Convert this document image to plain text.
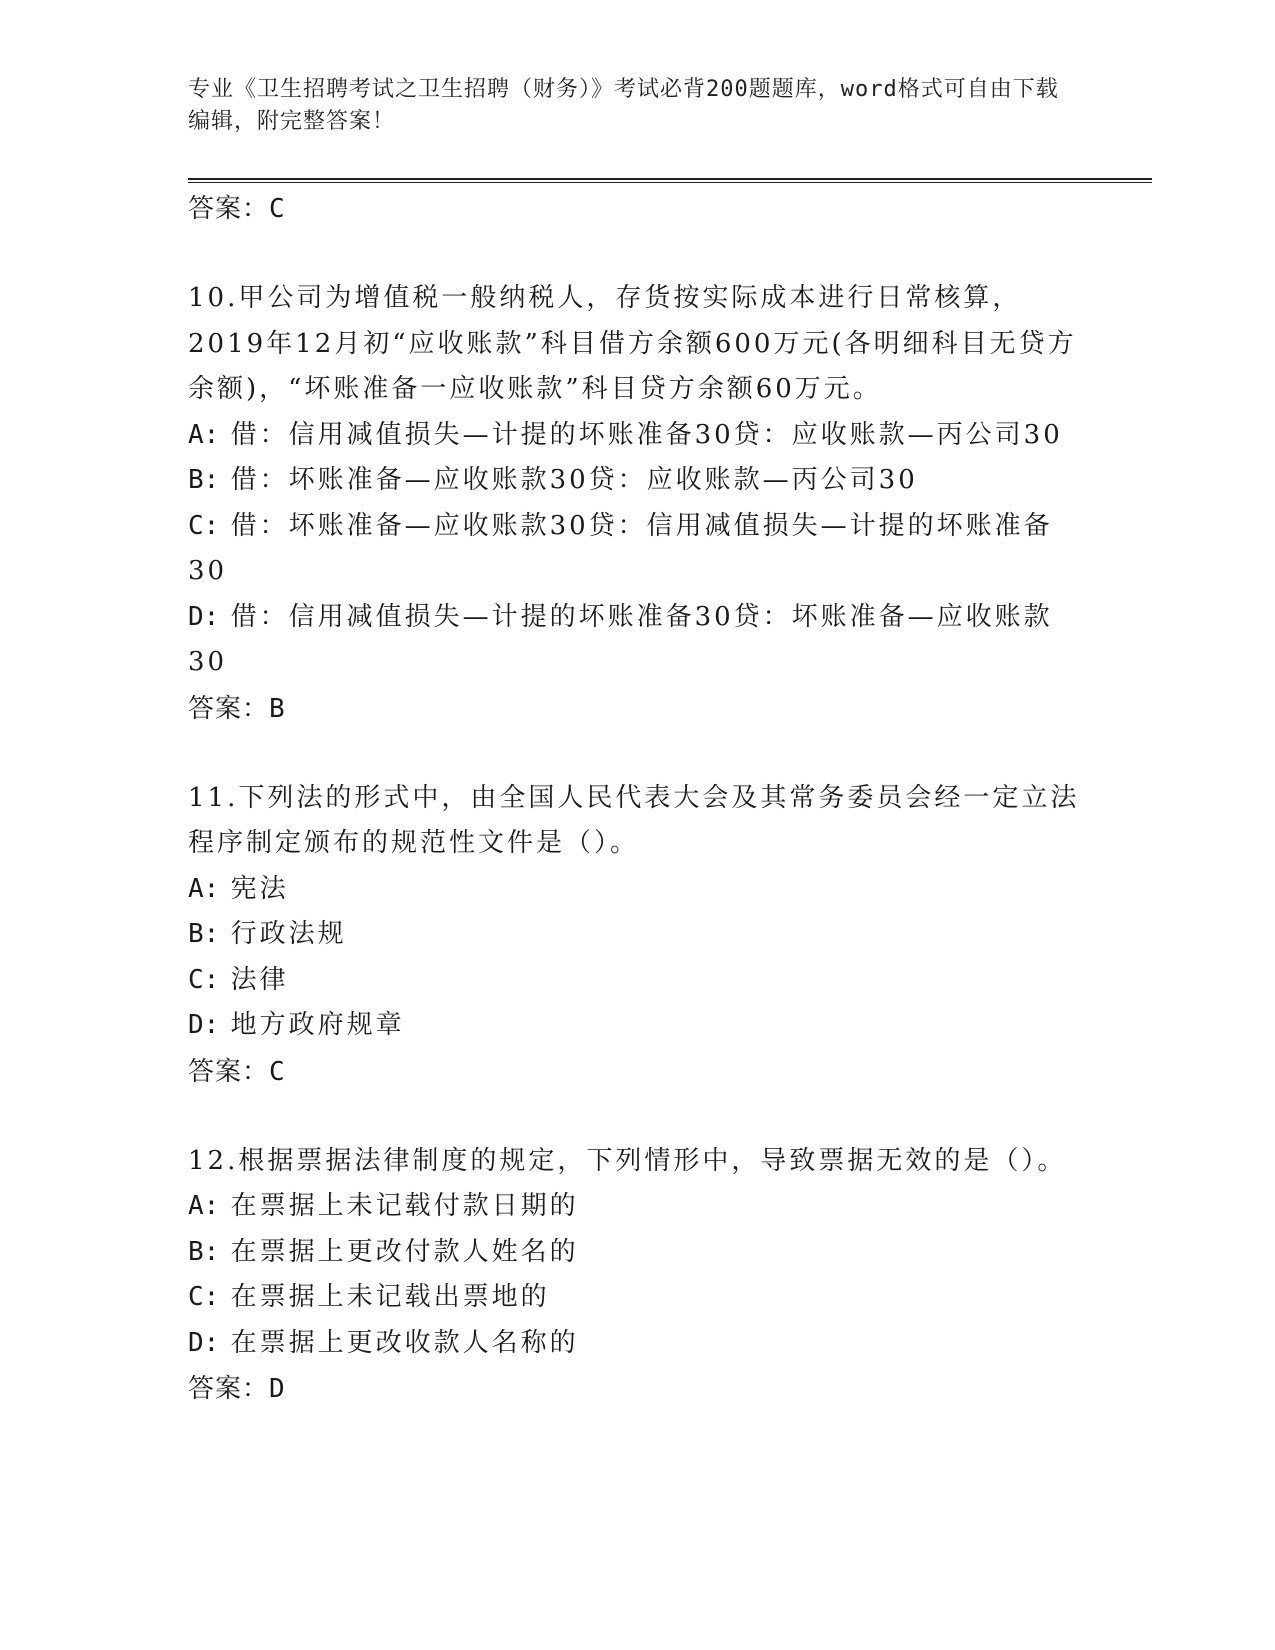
专业《卫生招聘考试之卫生招聘（财务）》考试必背200题题库，word格式可自由下载编辑，附完整答案！

答案：C

10.甲公司为增值税一般纳税人，存货按实际成本进行日常核算，2019年12月初“应收账款”科目借方余额600万元(各明细科目无贷方余额)，“坏账准备一应收账款”科目贷方余额60万元。

A: 借：信用减值损失—计提的坏账准备30贷：应收账款—丙公司30

B: 借：坏账准备—应收账款30贷：应收账款—丙公司30

C: 借：坏账准备—应收账款30贷：信用减值损失—计提的坏账准备30

D: 借：信用减值损失—计提的坏账准备30贷：坏账准备—应收账款30

答案：B

11.下列法的形式中，由全国人民代表大会及其常务委员会经一定立法程序制定颁布的规范性文件是（）。

A: 宪法

B: 行政法规

C: 法律

D: 地方政府规章

答案：C

12.根据票据法律制度的规定，下列情形中，导致票据无效的是（）。

A: 在票据上未记载付款日期的

B: 在票据上更改付款人姓名的

C: 在票据上未记载出票地的

D: 在票据上更改收款人名称的

答案：D
